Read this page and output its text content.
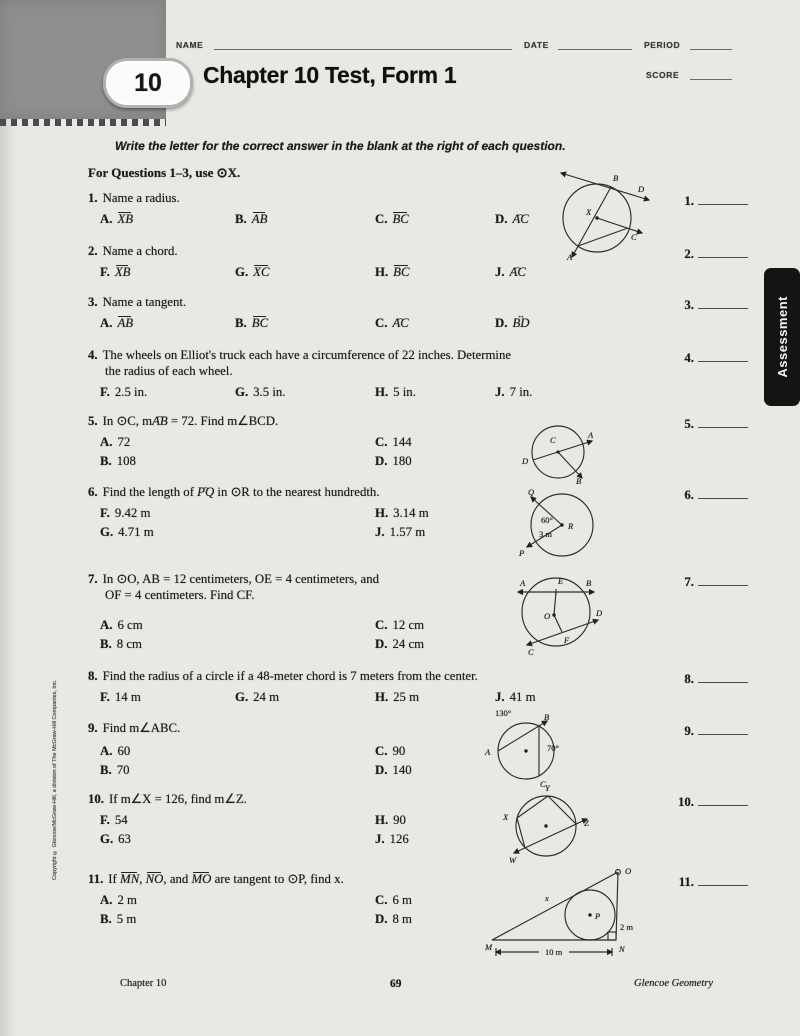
NAME	DATE	PERIOD
SCORE
10	Chapter 10 Test, Form 1
Write the letter for the correct answer in the blank at the right of each question.
For Questions 1–3, use ⊙X.
1. Name a radius.
A. XB	B. AB	C. BC	D. ⌢ AC
1.
2. Name a chord.
F. XB	G. XC	H. BC	J. ⌢ AC
2.
3. Name a tangent.
A. AB	B. BC	C. ⌢ AC	D. ↔ BD
3.
4. The wheels on Elliot's truck each have a circumference of 22 inches. Determine
the radius of each wheel.
F. 2.5 in.	G. 3.5 in.	H. 5 in.	J. 7 in.
4.
5. In ⊙C, m⌢ AB = 72. Find m∠BCD.
A. 72	C. 144
B. 108	D. 180
5.
6. Find the length of ⌢ PQ in ⊙R to the nearest hundredth.
F. 9.42 m	H. 3.14 m
G. 4.71 m	J. 1.57 m
6.
7. In ⊙O, AB = 12 centimeters, OE = 4 centimeters, and
OF = 4 centimeters. Find CF.
A. 6 cm	C. 12 cm
B. 8 cm	D. 24 cm
7.
8. Find the radius of a circle if a 48-meter chord is 7 meters from the center.
F. 14 m	G. 24 m	H. 25 m	J. 41 m
8.
9. Find m∠ABC.
A. 60	C. 90
B. 70	D. 140
9.
10. If m∠X = 126, find m∠Z.
F. 54	H. 90
G. 63	J. 126
10.
11. If MN, NO, and MO are tangent to ⊙P, find x.
A. 2 m	C. 6 m
B. 5 m	D. 8 m
11.
B
D
C
A
X
C	A
D
B
R
Q
P
60°
3 m
A	B
E
O
C
D
F
130°	B
70°
A
C Y
X
Z
W
M	N
O
P
x
2 m
10 m
Assessment
Copyright © Glencoe/McGraw-Hill, a division of The McGraw-Hill Companies, Inc.
Chapter 10	69	Glencoe Geometry
